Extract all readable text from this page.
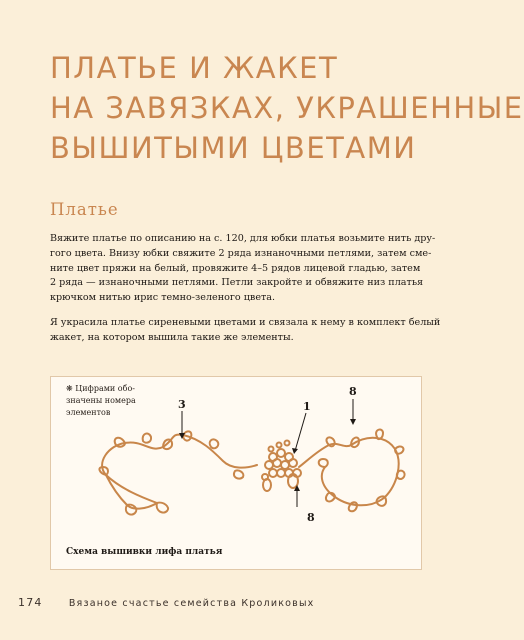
ПЛАТЬЕ И ЖАКЕТ
НА ЗАВЯЗКАХ, УКРАШЕННЫЕ
ВЫШИТЫМИ ЦВЕТАМИ
Платье

Вяжите платье по описанию на с. 120, для юбки платья возьмите нить дру-
гого цвета. Внизу юбки свяжите 2 ряда изнаночными петлями, затем сме-
ните цвет пряжи на белый, провяжите 4–5 рядов лицевой гладью, затем
2 ряда — изнаночными петлями. Петли закройте и обвяжите низ платья
крючком нитью ирис темно-зеленого цвета.

Я украсила платье сиреневыми цветами и связала к нему в комплект белый
жакет, на котором вышила такие же элементы.

❋ Цифрами обо-
значены номера
элементов
3	1
8
8
Схема вышивки лифа платья
174	Вязаное счастье семейства Кроликовых
